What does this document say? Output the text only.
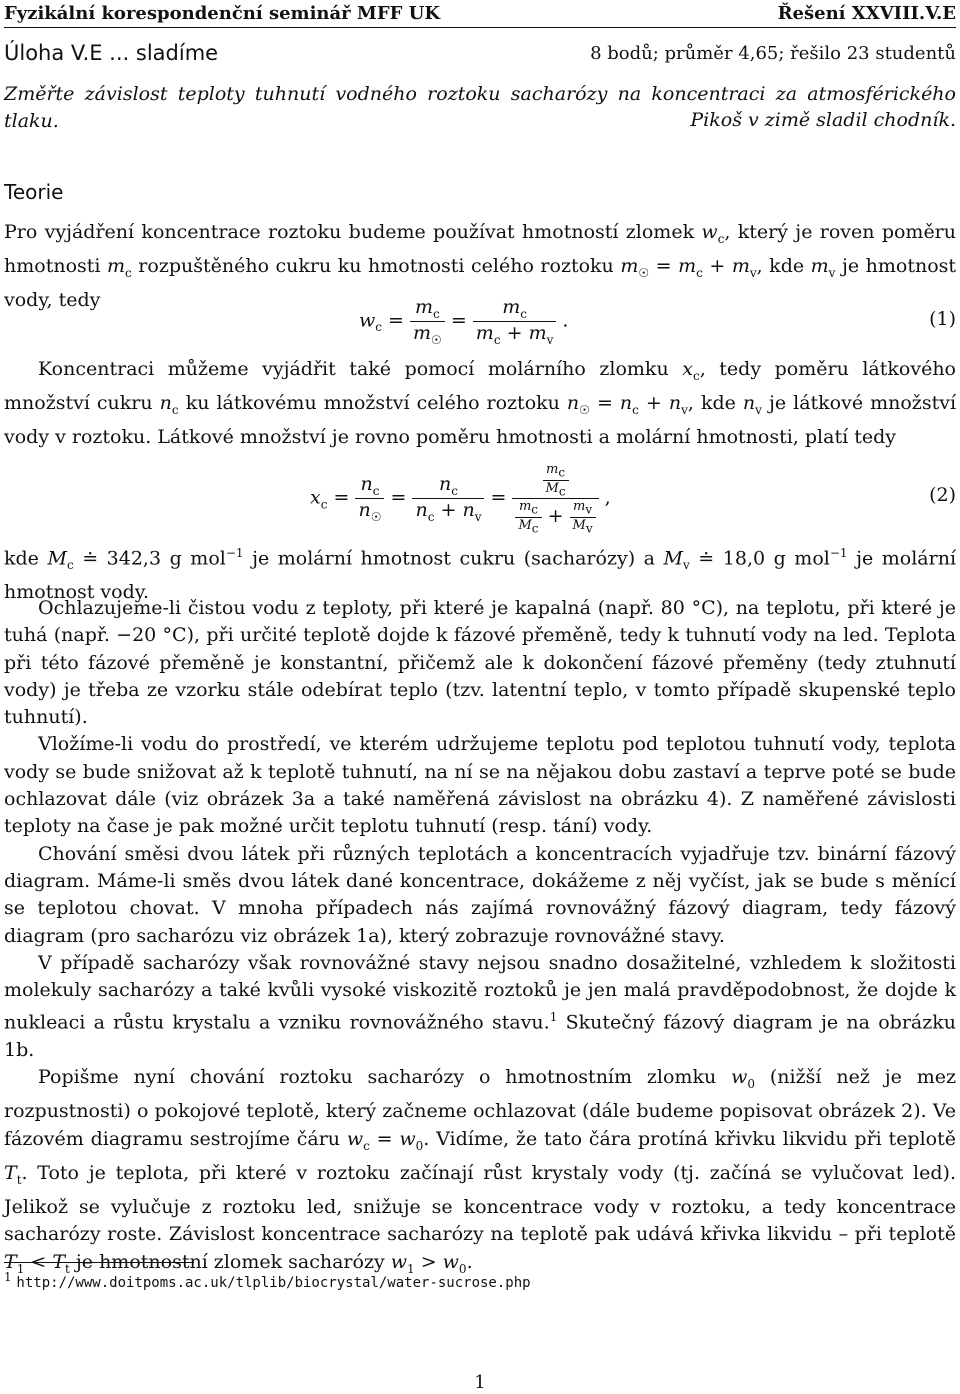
Fyzikální korespondenční seminář MFF UK	Řešení XXVIII.V.E
Úloha V.E ... sladíme	8 bodů; průměr 4,65; řešilo 23 studentů
Změřte závislost teploty tuhnutí vodného roztoku sacharózy na koncentraci za atmosférického tlaku.	Pikoš v zimě sladil chodník.
Teorie

Pro vyjádření koncentrace roztoku budeme používat hmotností zlomek $w_c$, který je roven poměru hmotnosti $m_c$ rozpuštěného cukru ku hmotnosti celého roztoku $m_☉ = m_c + m_v$, kde $m_v$ je hmotnost vody, tedy

$w_c = \frac{m_c}{m_☉} = \frac{m_c}{m_c + m_v}$ .	(1)

Koncentraci můžeme vyjádřit také pomocí molárního zlomku $x_c$, tedy poměru látkového množství cukru $n_c$ ku látkovému množství celého roztoku $n_☉ = n_c + n_v$, kde $n_v$ je látkové množství vody v roztoku. Látkové množství je rovno poměru hmotnosti a molární hmotnosti, platí tedy

$x_c = \frac{n_c}{n_☉} = \frac{n_c}{n_c + n_v} = \frac{\frac{m_c}{M_c}}{\frac{m_c}{M_c} + \frac{m_v}{M_v}}$ ,	(2)

kde $M_c$ ≐ 342,3 g mol$^{-1}$ je molární hmotnost cukru (sacharózy) a $M_v$ ≐ 18,0 g mol$^{-1}$ je molární hmotnost vody.

Ochlazujeme-li čistou vodu z teploty, při které je kapalná (např. 80 °C), na teplotu, při které je tuhá (např. −20 °C), při určité teplotě dojde k fázové přeměně, tedy k tuhnutí vody na led. Teplota při této fázové přeměně je konstantní, přičemž ale k dokončení fázové přeměny (tedy ztuhnutí vody) je třeba ze vzorku stále odebírat teplo (tzv. latentní teplo, v tomto případě skupenské teplo tuhnutí).

Vložíme-li vodu do prostředí, ve kterém udržujeme teplotu pod teplotou tuhnutí vody, teplota vody se bude snižovat až k teplotě tuhnutí, na ní se na nějakou dobu zastaví a teprve poté se bude ochlazovat dále (viz obrázek 3a a také naměřená závislost na obrázku 4). Z naměřené závislosti teploty na čase je pak možné určit teplotu tuhnutí (resp. tání) vody.

Chování směsi dvou látek při různých teplotách a koncentracích vyjadřuje tzv. binární fázový diagram. Máme-li směs dvou látek dané koncentrace, dokážeme z něj vyčíst, jak se bude s měnící se teplotou chovat. V mnoha případech nás zajímá rovnovážný fázový diagram, tedy fázový diagram (pro sacharózu viz obrázek 1a), který zobrazuje rovnovážné stavy.

V případě sacharózy však rovnovážné stavy nejsou snadno dosažitelné, vzhledem k složitosti molekuly sacharózy a také kvůli vysoké viskozitě roztoků je jen malá pravděpodobnost, že dojde k nukleaci a růstu krystalu a vzniku rovnovážného stavu.$^1$ Skutečný fázový diagram je na obrázku 1b.

Popišme nyní chování roztoku sacharózy o hmotnostním zlomku $w_0$ (nižší než je mez rozpustnosti) o pokojové teplotě, který začneme ochlazovat (dále budeme popisovat obrázek 2). Ve fázovém diagramu sestrojíme čáru $w_c = w_0$. Vidíme, že tato čára protíná křivku likvidu při teplotě $T_t$. Toto je teplota, při které v roztoku začínají růst krystaly vody (tj. začíná se vylučovat led). Jelikož se vylučuje z roztoku led, snižuje se koncentrace vody v roztoku, a tedy koncentrace sacharózy roste. Závislost koncentrace sacharózy na teplotě pak udává křivka likvidu – při teplotě $T_1 < T_t$ je hmotnostní zlomek sacharózy $w_1 > w_0$.

$^1$ http://www.doitpoms.ac.uk/tlplib/biocrystal/water-sucrose.php
1
